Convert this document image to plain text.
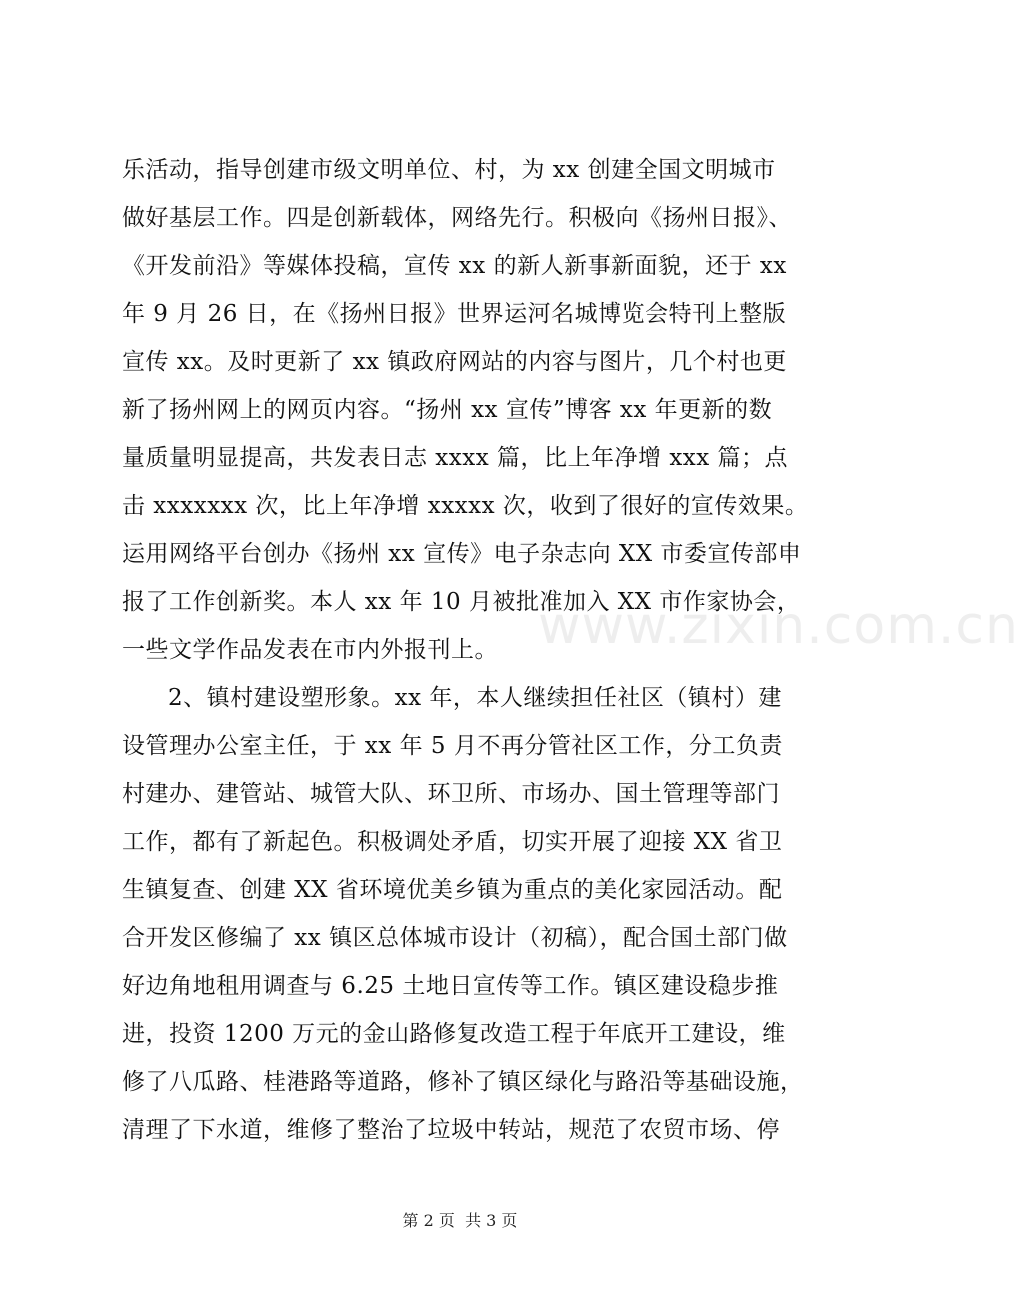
乐活动，指导创建市级文明单位、村，为 xx 创建全国文明城市
做好基层工作。四是创新载体，网络先行。积极向《扬州日报》、
《开发前沿》等媒体投稿，宣传 xx 的新人新事新面貌，还于 xx
年 9 月 26 日，在《扬州日报》世界运河名城博览会特刊上整版
宣传 xx。及时更新了 xx 镇政府网站的内容与图片，几个村也更
新了扬州网上的网页内容。“扬州 xx 宣传”博客 xx 年更新的数
量质量明显提高，共发表日志 xxxx 篇，比上年净增 xxx 篇；点
击 xxxxxxx 次，比上年净增 xxxxx 次，收到了很好的宣传效果。
运用网络平台创办《扬州 xx 宣传》电子杂志向 XX 市委宣传部申
报了工作创新奖。本人 xx 年 10 月被批准加入 XX 市作家协会，
一些文学作品发表在市内外报刊上。
2、镇村建设塑形象。xx 年，本人继续担任社区（镇村）建
设管理办公室主任，于 xx 年 5 月不再分管社区工作，分工负责
村建办、建管站、城管大队、环卫所、市场办、国土管理等部门
工作，都有了新起色。积极调处矛盾，切实开展了迎接 XX 省卫
生镇复查、创建 XX 省环境优美乡镇为重点的美化家园活动。配
合开发区修编了 xx 镇区总体城市设计（初稿），配合国土部门做
好边角地租用调查与 6.25 土地日宣传等工作。镇区建设稳步推
进，投资 1200 万元的金山路修复改造工程于年底开工建设，维
修了八瓜路、桂港路等道路，修补了镇区绿化与路沿等基础设施，
清理了下水道，维修了整治了垃圾中转站，规范了农贸市场、停
www.zixin.com.cn
第 2 页 共 3 页
